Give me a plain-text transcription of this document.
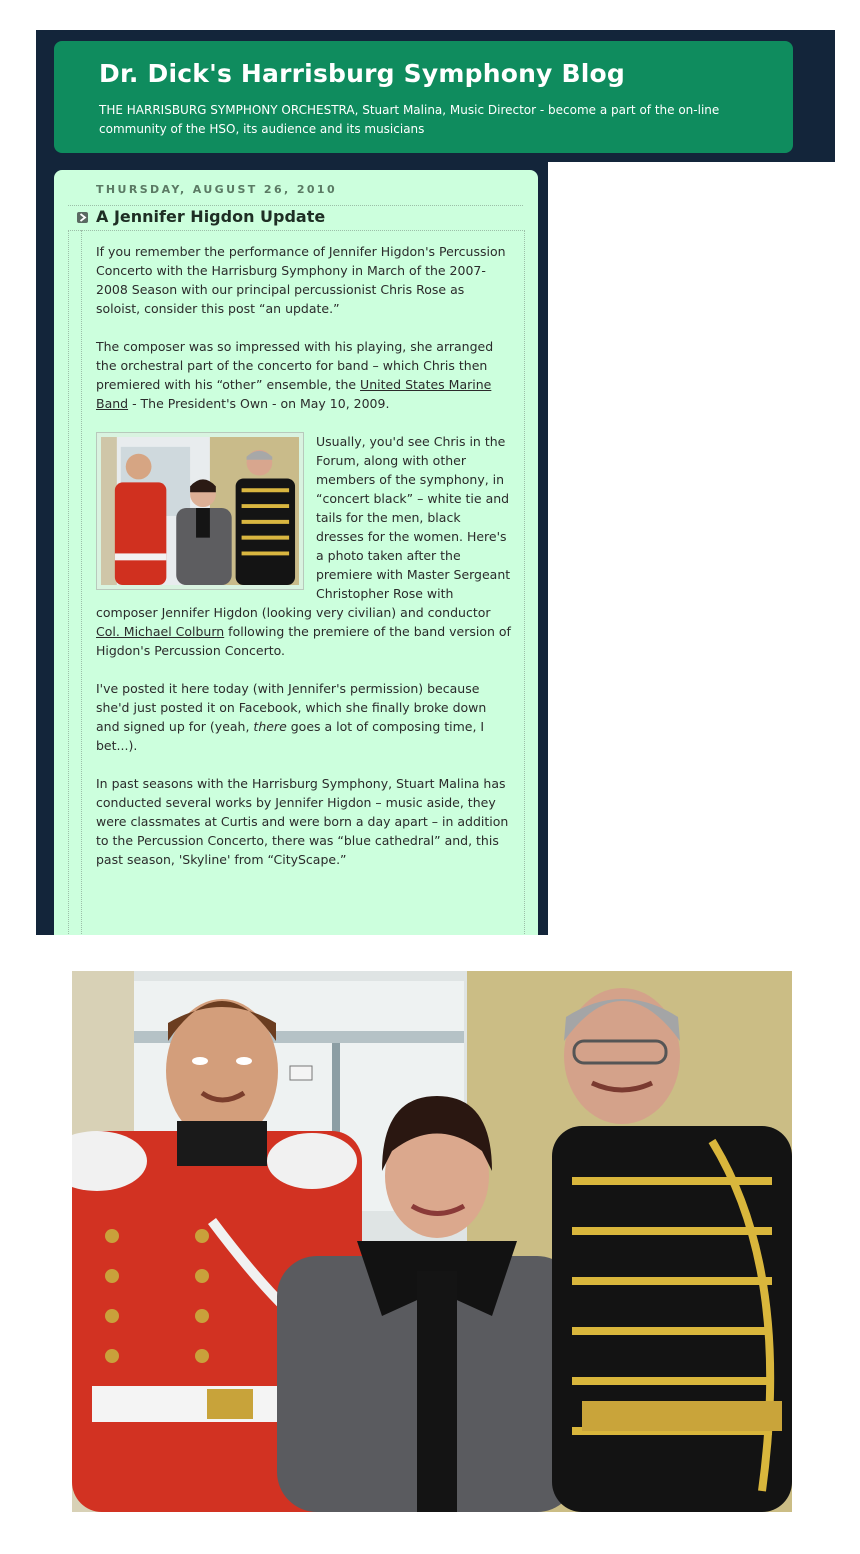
Dr. Dick's Harrisburg Symphony Blog

THE HARRISBURG SYMPHONY ORCHESTRA, Stuart Malina, Music Director - become a part of the on-line community of the HSO, its audience and its musicians

THURSDAY, AUGUST 26, 2010
A Jennifer Higdon Update

If you remember the performance of Jennifer Higdon's Percussion Concerto with the Harrisburg Symphony in March of the 2007-2008 Season with our principal percussionist Chris Rose as soloist, consider this post “an update.”

The composer was so impressed with his playing, she arranged the orchestral part of the concerto for band – which Chris then premiered with his “other” ensemble, the United States Marine Band - The President's Own - on May 10, 2009.

Usually, you'd see Chris in the Forum, along with other members of the symphony, in “concert black” – white tie and tails for the men, black dresses for the women. Here's a photo taken after the premiere with Master Sergeant Christopher Rose with composer Jennifer Higdon (looking very civilian) and conductor Col. Michael Colburn following the premiere of the band version of Higdon's Percussion Concerto.

I've posted it here today (with Jennifer's permission) because she'd just posted it on Facebook, which she finally broke down and signed up for (yeah, there goes a lot of composing time, I bet...).

In past seasons with the Harrisburg Symphony, Stuart Malina has conducted several works by Jennifer Higdon – music aside, they were classmates at Curtis and were born a day apart – in addition to the Percussion Concerto, there was “blue cathedral” and, this past season, 'Skyline' from “CityScape.”
